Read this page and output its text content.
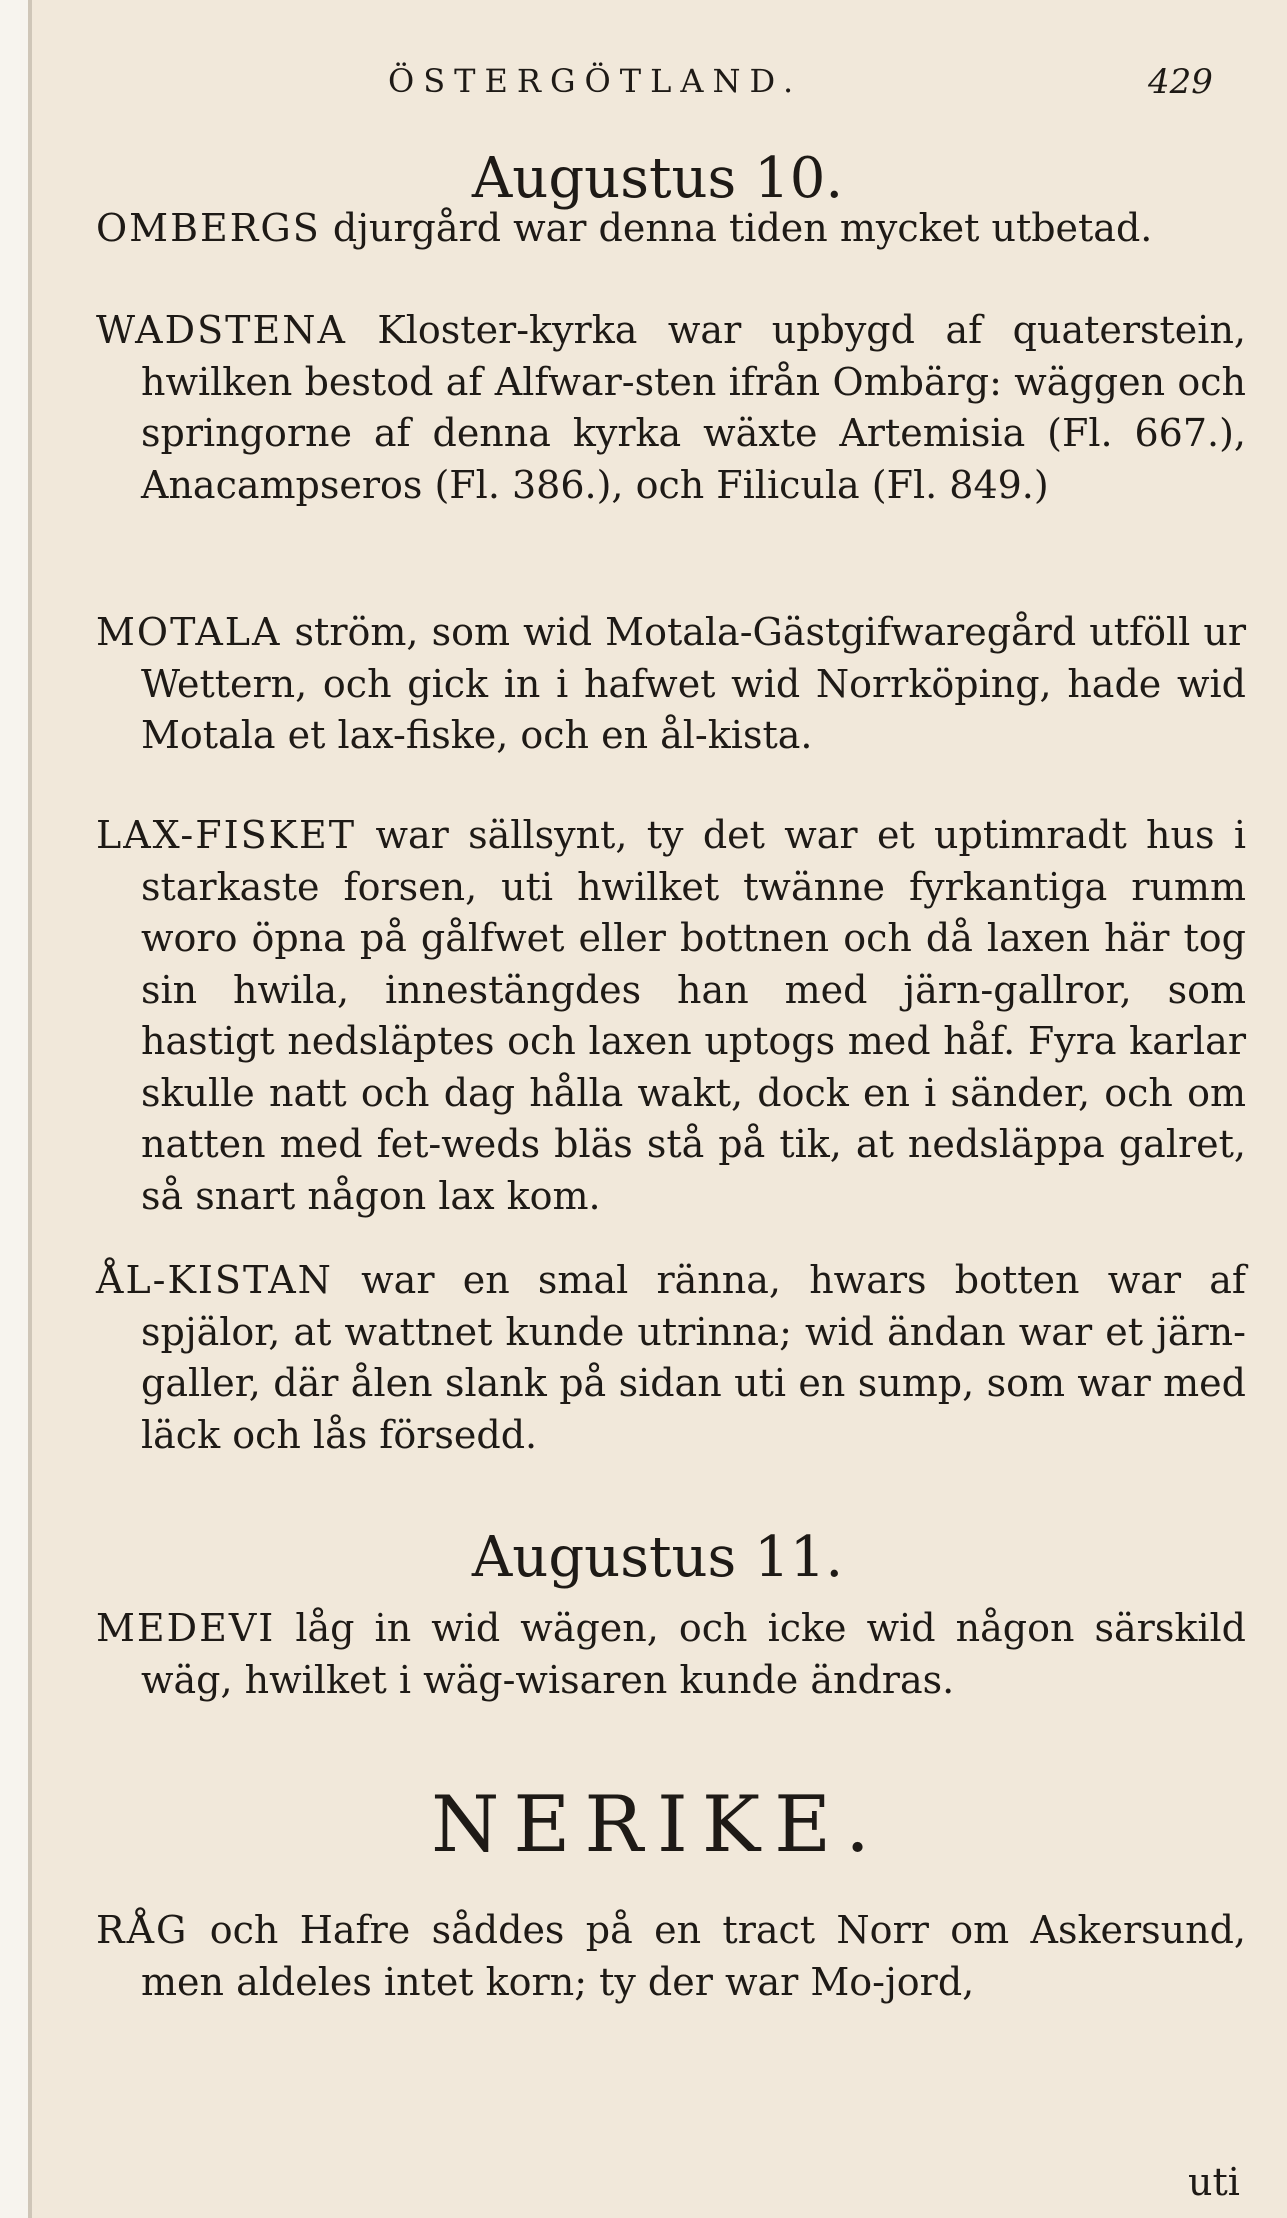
ÖSTERGÖTLAND.	429
Augustus 10.

OMBERGS djurgård war denna tiden mycket utbetad.

WADSTENA Kloster-kyrka war upbygd af quaterstein, hwilken bestod af Alfwar-sten ifrån Ombärg: wäggen och springorne af denna kyrka wäxte Artemisia (Fl. 667.), Anacampseros (Fl. 386.), och Filicula (Fl. 849.)

MOTALA ström, som wid Motala-Gästgifwaregård utföll ur Wettern, och gick in i hafwet wid Norrköping, hade wid Motala et lax-fiske, och en ål-kista.

LAX-FISKET war sällsynt, ty det war et uptimradt hus i starkaste forsen, uti hwilket twänne fyrkantiga rumm woro öpna på gålfwet eller bottnen och då laxen här tog sin hwila, innestängdes han med järn-gallror, som hastigt nedsläptes och laxen uptogs med håf. Fyra karlar skulle natt och dag hålla wakt, dock en i sänder, och om natten med fet-weds bläs stå på tik, at nedsläppa galret, så snart någon lax kom.

ÅL-KISTAN war en smal ränna, hwars botten war af spjälor, at wattnet kunde utrinna; wid ändan war et järn-galler, där ålen slank på sidan uti en sump, som war med läck och lås försedd.

Augustus 11.

MEDEVI låg in wid wägen, och icke wid någon särskild wäg, hwilket i wäg-wisaren kunde ändras.

NERIKE.

RÅG och Hafre såddes på en tract Norr om Askersund, men aldeles intet korn; ty der war Mo-jord,

uti
